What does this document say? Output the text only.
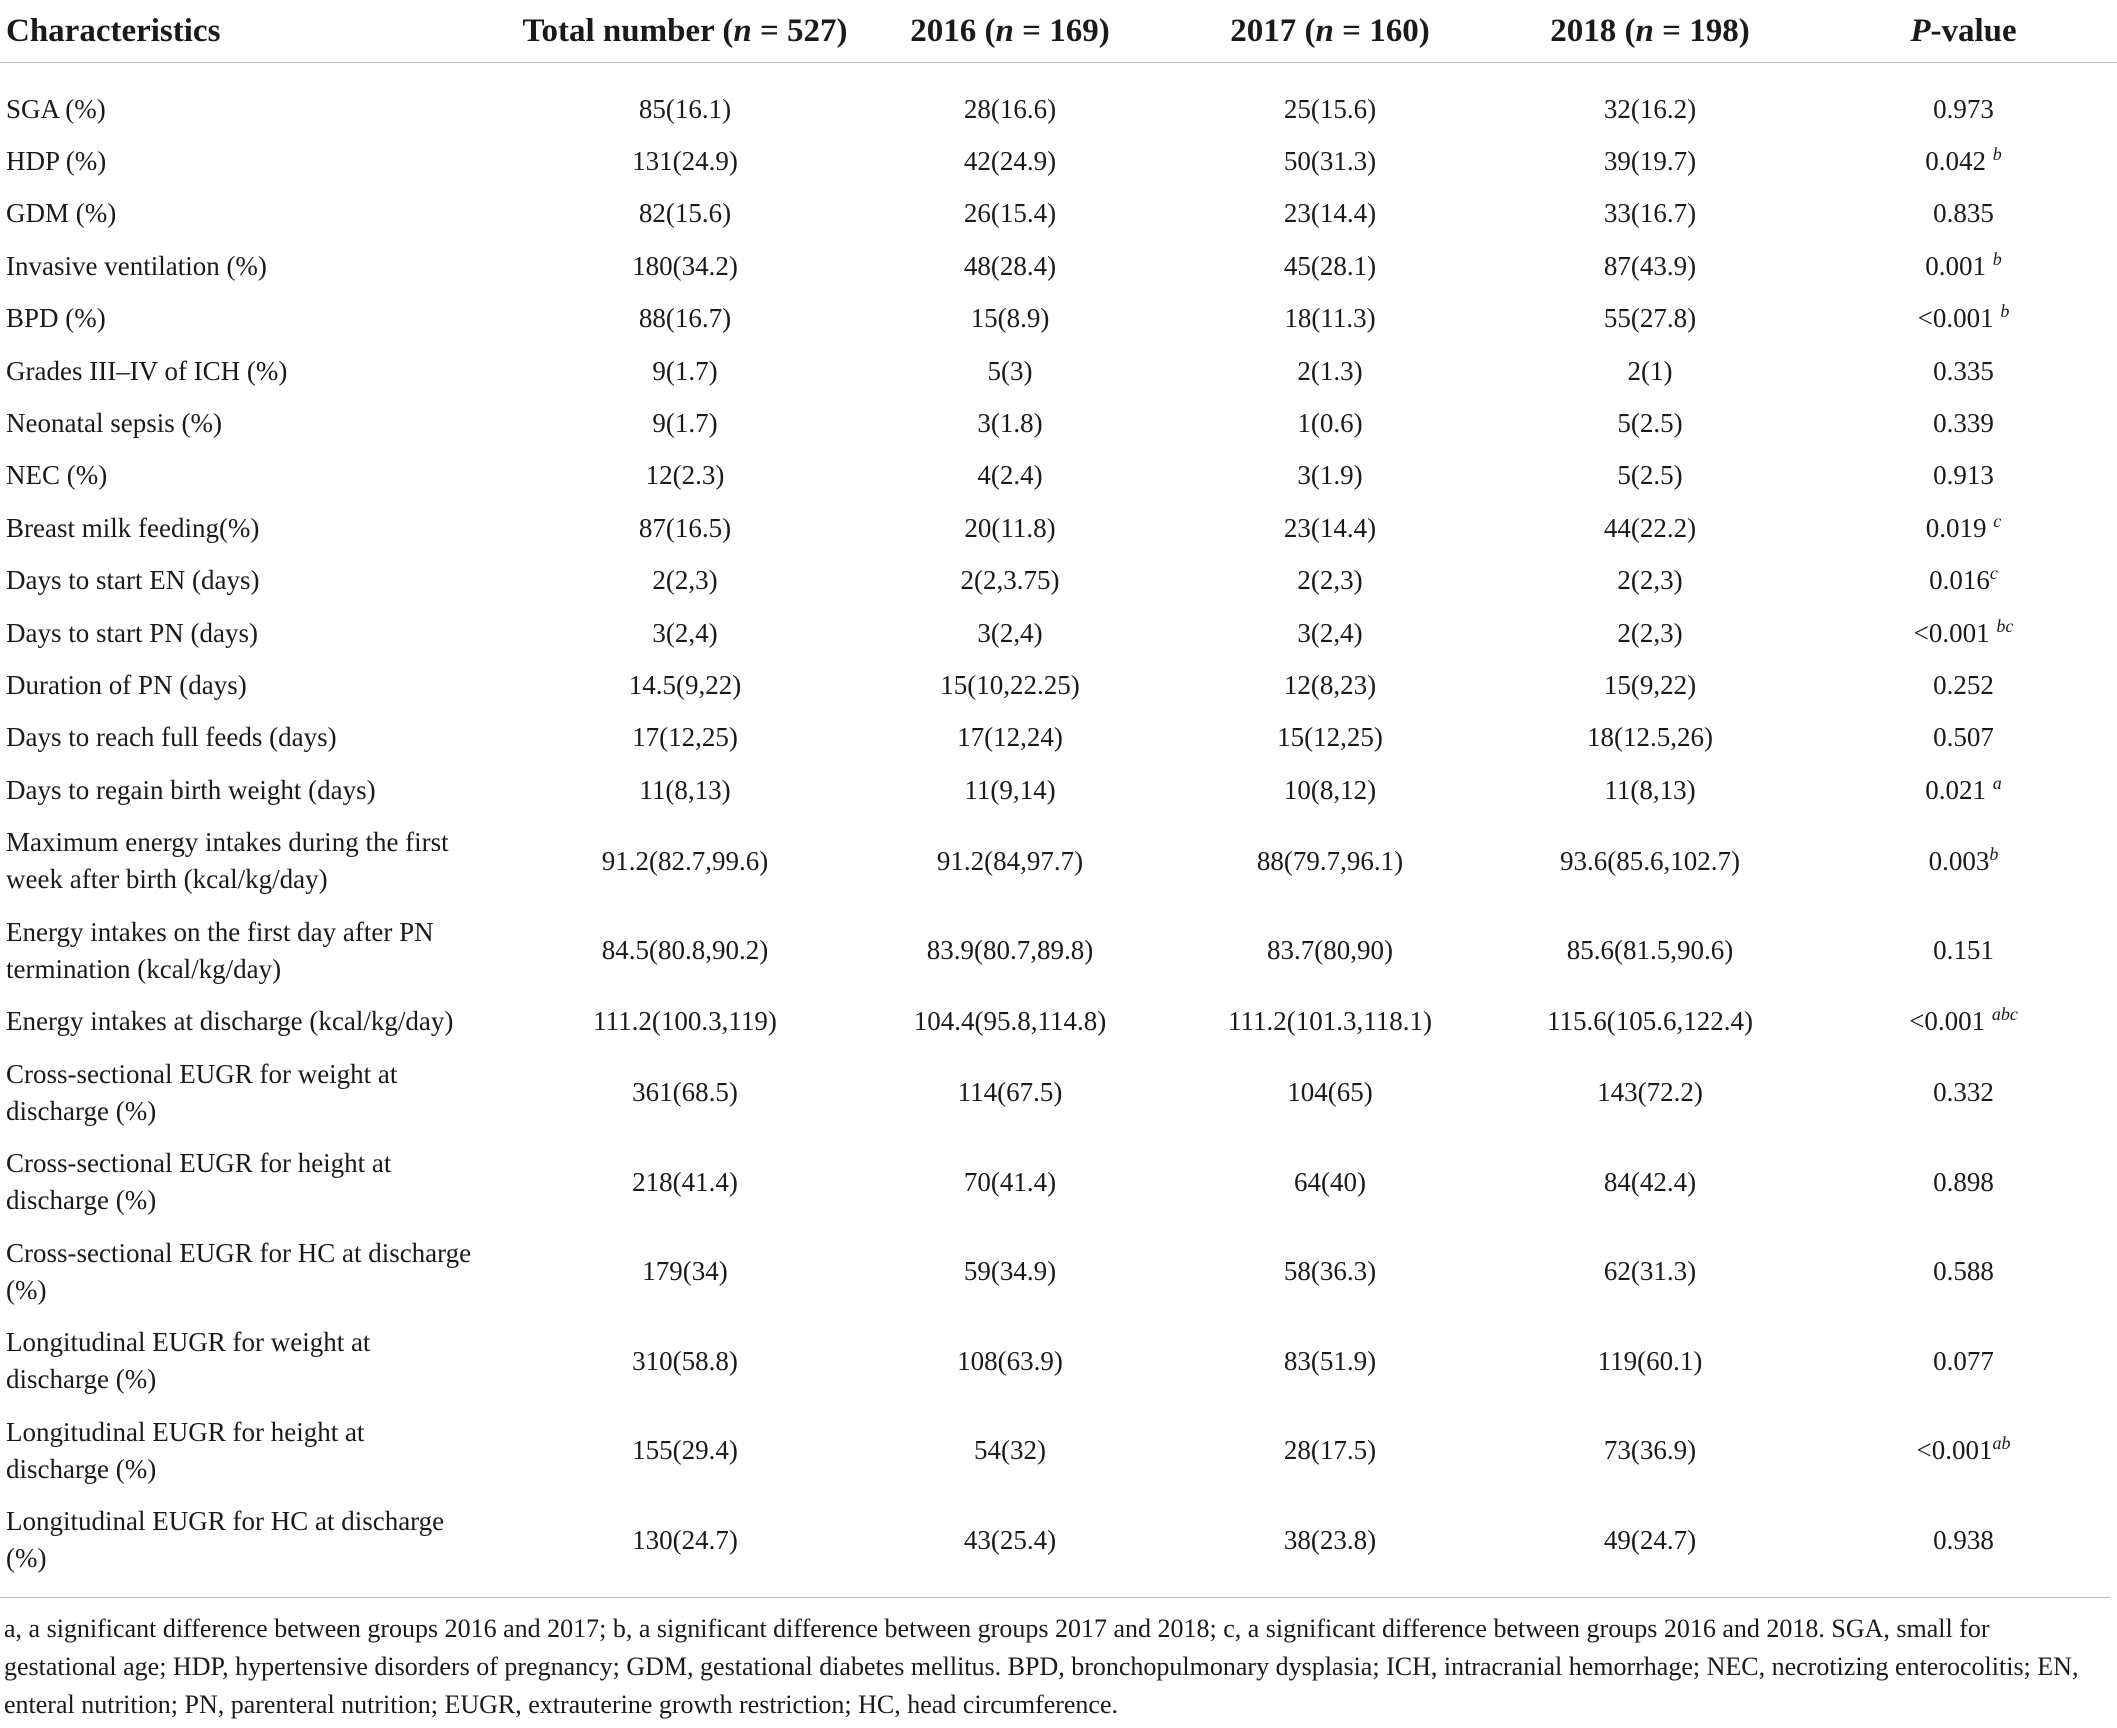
Characteristics	Total number (n = 527)	2016 (n = 169)	2017 (n = 160)	2018 (n = 198)	P-value
SGA (%)	85(16.1)	28(16.6)	25(15.6)	32(16.2)	0.973
HDP (%)	131(24.9)	42(24.9)	50(31.3)	39(19.7)	0.042 $^b$
GDM (%)	82(15.6)	26(15.4)	23(14.4)	33(16.7)	0.835
Invasive ventilation (%)	180(34.2)	48(28.4)	45(28.1)	87(43.9)	0.001 $^b$
BPD (%)	88(16.7)	15(8.9)	18(11.3)	55(27.8)	<0.001 $^b$
Grades III–IV of ICH (%)	9(1.7)	5(3)	2(1.3)	2(1)	0.335
Neonatal sepsis (%)	9(1.7)	3(1.8)	1(0.6)	5(2.5)	0.339
NEC (%)	12(2.3)	4(2.4)	3(1.9)	5(2.5)	0.913
Breast milk feeding(%)	87(16.5)	20(11.8)	23(14.4)	44(22.2)	0.019 $^c$
Days to start EN (days)	2(2,3)	2(2,3.75)	2(2,3)	2(2,3)	0.016$^c$
Days to start PN (days)	3(2,4)	3(2,4)	3(2,4)	2(2,3)	<0.001 $^{bc}$
Duration of PN (days)	14.5(9,22)	15(10,22.25)	12(8,23)	15(9,22)	0.252
Days to reach full feeds (days)	17(12,25)	17(12,24)	15(12,25)	18(12.5,26)	0.507
Days to regain birth weight (days)	11(8,13)	11(9,14)	10(8,12)	11(8,13)	0.021 $^a$
Maximum energy intakes during the first
week after birth (kcal/kg/day)	91.2(82.7,99.6)	91.2(84,97.7)	88(79.7,96.1)	93.6(85.6,102.7)	0.003$^b$
Energy intakes on the first day after PN
termination (kcal/kg/day)	84.5(80.8,90.2)	83.9(80.7,89.8)	83.7(80,90)	85.6(81.5,90.6)	0.151
Energy intakes at discharge (kcal/kg/day)	111.2(100.3,119)	104.4(95.8,114.8)	111.2(101.3,118.1)	115.6(105.6,122.4)	<0.001 $^{abc}$
Cross-sectional EUGR for weight at
discharge (%)	361(68.5)	114(67.5)	104(65)	143(72.2)	0.332
Cross-sectional EUGR for height at
discharge (%)	218(41.4)	70(41.4)	64(40)	84(42.4)	0.898
Cross-sectional EUGR for HC at discharge
(%)	179(34)	59(34.9)	58(36.3)	62(31.3)	0.588
Longitudinal EUGR for weight at
discharge (%)	310(58.8)	108(63.9)	83(51.9)	119(60.1)	0.077
Longitudinal EUGR for height at
discharge (%)	155(29.4)	54(32)	28(17.5)	73(36.9)	<0.001$^{ab}$
Longitudinal EUGR for HC at discharge
(%)	130(24.7)	43(25.4)	38(23.8)	49(24.7)	0.938

a, a significant difference between groups 2016 and 2017; b, a significant difference between groups 2017 and 2018; c, a significant difference between groups 2016 and 2018. SGA, small for gestational age; HDP, hypertensive disorders of pregnancy; GDM, gestational diabetes mellitus. BPD, bronchopulmonary dysplasia; ICH, intracranial hemorrhage; NEC, necrotizing enterocolitis; EN, enteral nutrition; PN, parenteral nutrition; EUGR, extrauterine growth restriction; HC, head circumference.
